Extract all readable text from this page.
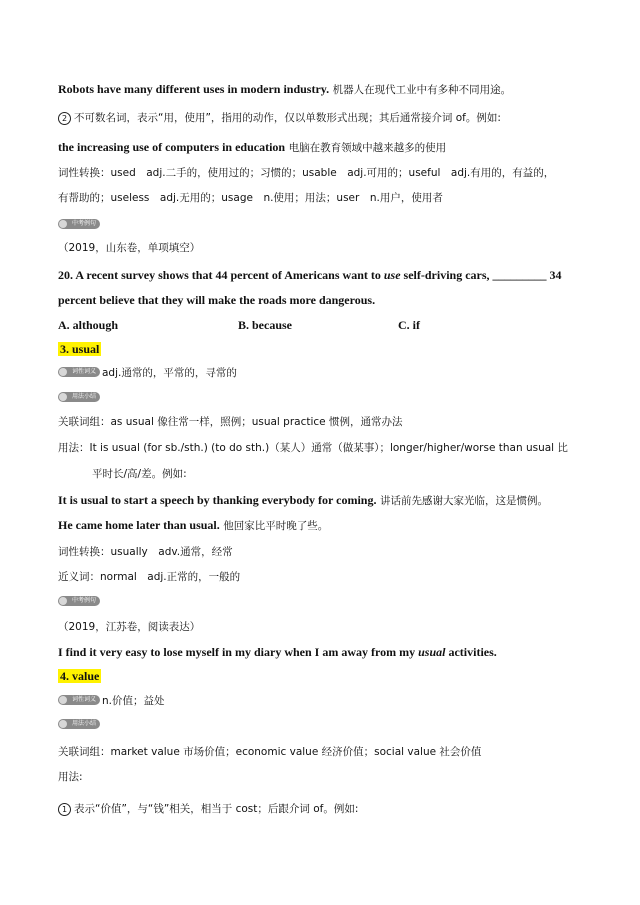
Robots have many different uses in modern industry. 机器人在现代工业中有多种不同用途。
2 不可数名词，表示“用，使用”，指用的动作，仅以单数形式出现；其后通常接介词 of。例如:
the increasing use of computers in education 电脑在教育领域中越来越多的使用
词性转换：used　adj.二手的，使用过的；习惯的；usable　adj.可用的；useful　adj.有用的，有益的，
有帮助的；useless　adj.无用的；usage　n.使用；用法；user　n.用户，使用者
中考例句
（2019，山东卷，单项填空）
20. A recent survey shows that 44 percent of Americans want to use self-driving cars, _________ 34
percent believe that they will make the roads more dangerous.
A. although	B. because	C. if
3. usual
词性词义 adj.通常的，平常的，寻常的
用法小结
关联词组：as usual 像往常一样，照例；usual practice 惯例，通常办法
用法：It is usual (for sb./sth.) (to do sth.)（某人）通常（做某事）；longer/higher/worse than usual 比
平时长/高/差。例如:
It is usual to start a speech by thanking everybody for coming. 讲话前先感谢大家光临，这是惯例。
He came home later than usual. 他回家比平时晚了些。
词性转换：usually　adv.通常，经常
近义词：normal　adj.正常的，一般的
中考例句
（2019，江苏卷，阅读表达）
I find it very easy to lose myself in my diary when I am away from my usual activities.
4. value
词性词义 n.价值；益处
用法小结
关联词组：market value 市场价值；economic value 经济价值；social value 社会价值
用法:
1 表示“价值”，与“钱”相关，相当于 cost；后跟介词 of。例如:
